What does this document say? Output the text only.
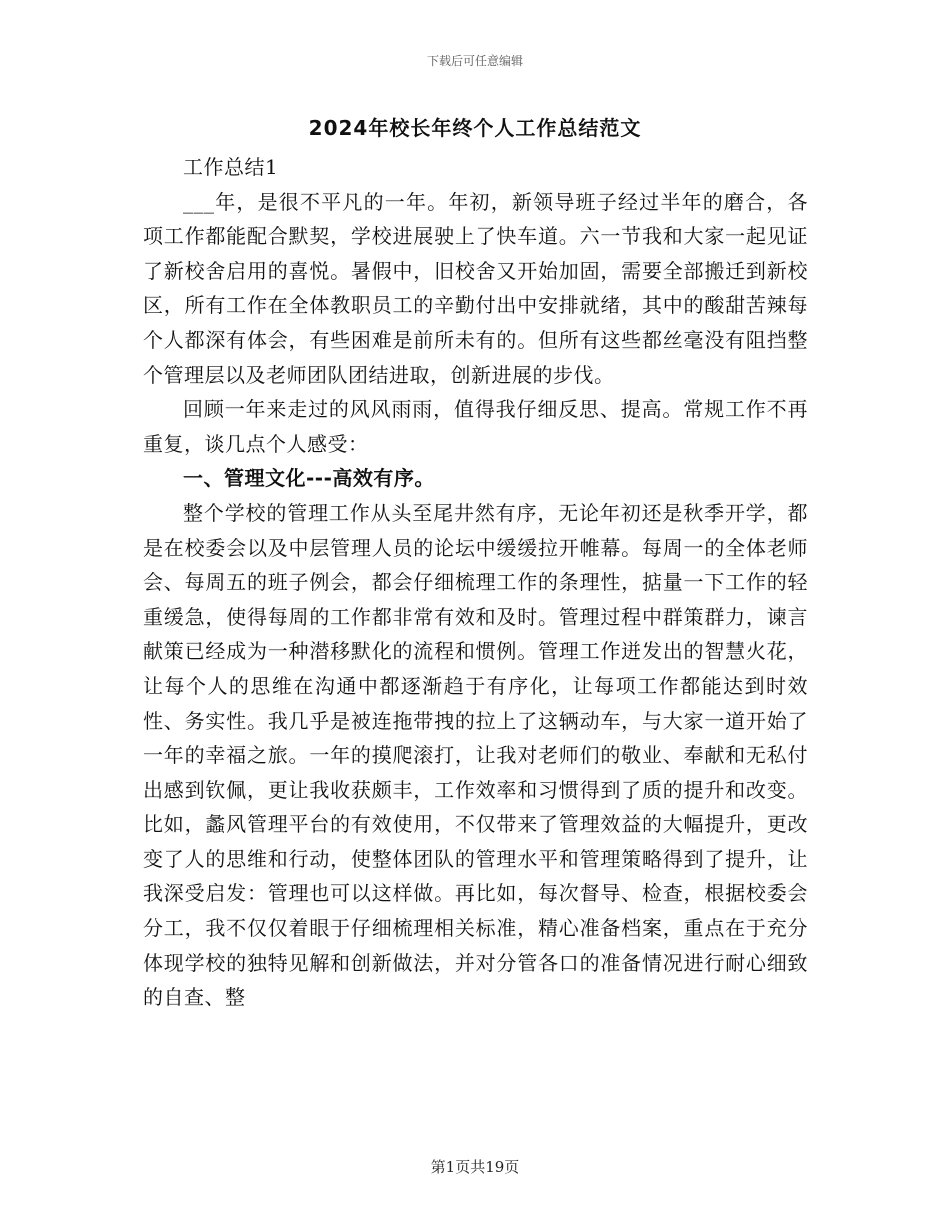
下载后可任意编辑
2024年校长年终个人工作总结范文

工作总结1

___年，是很不平凡的一年。年初，新领导班子经过半年的磨合，各项工作都能配合默契，学校进展驶上了快车道。六一节我和大家一起见证了新校舍启用的喜悦。暑假中，旧校舍又开始加固，需要全部搬迁到新校区，所有工作在全体教职员工的辛勤付出中安排就绪，其中的酸甜苦辣每个人都深有体会，有些困难是前所未有的。但所有这些都丝毫没有阻挡整个管理层以及老师团队团结进取，创新进展的步伐。

回顾一年来走过的风风雨雨，值得我仔细反思、提高。常规工作不再重复，谈几点个人感受：

一、管理文化---高效有序。

整个学校的管理工作从头至尾井然有序，无论年初还是秋季开学，都是在校委会以及中层管理人员的论坛中缓缓拉开帷幕。每周一的全体老师会、每周五的班子例会，都会仔细梳理工作的条理性，掂量一下工作的轻重缓急，使得每周的工作都非常有效和及时。管理过程中群策群力，谏言献策已经成为一种潜移默化的流程和惯例。管理工作迸发出的智慧火花，让每个人的思维在沟通中都逐渐趋于有序化，让每项工作都能达到时效性、务实性。我几乎是被连拖带拽的拉上了这辆动车，与大家一道开始了一年的幸福之旅。一年的摸爬滚打，让我对老师们的敬业、奉献和无私付出感到钦佩，更让我收获颇丰，工作效率和习惯得到了质的提升和改变。比如，蠡风管理平台的有效使用，不仅带来了管理效益的大幅提升，更改变了人的思维和行动，使整体团队的管理水平和管理策略得到了提升，让我深受启发：管理也可以这样做。再比如，每次督导、检查，根据校委会分工，我不仅仅着眼于仔细梳理相关标准，精心准备档案，重点在于充分体现学校的独特见解和创新做法，并对分管各口的准备情况进行耐心细致的自查、整

第1页共19页
